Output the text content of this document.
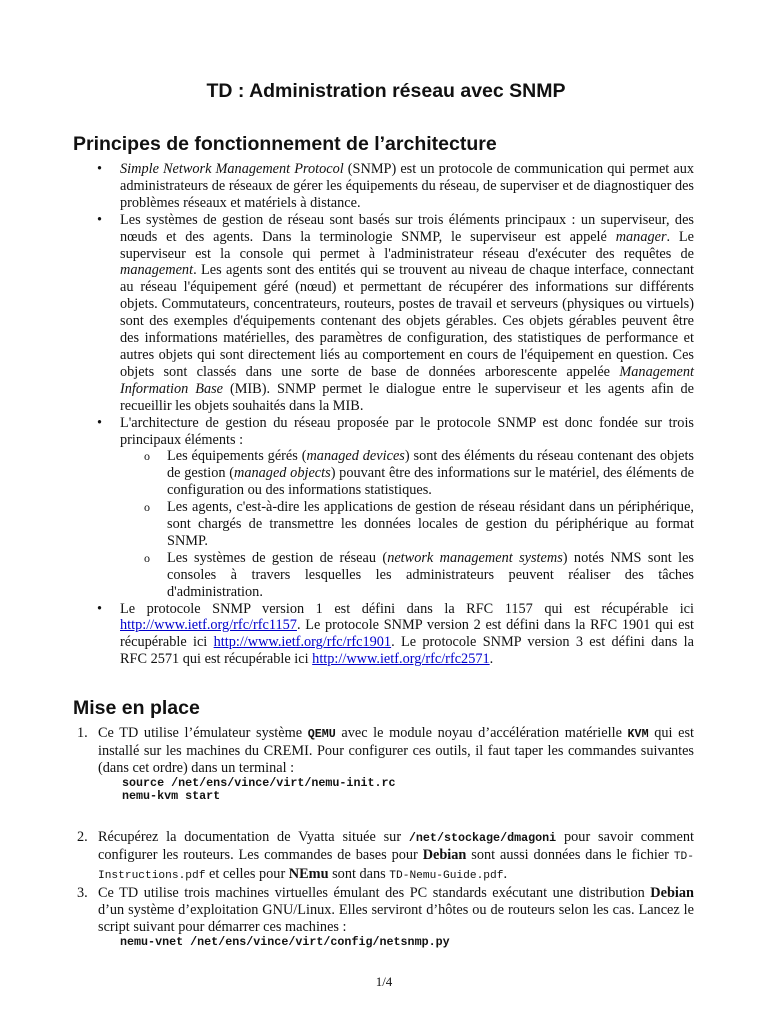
TD : Administration réseau avec SNMP
Principes de fonctionnement de l’architecture
• Simple Network Management Protocol (SNMP) est un protocole de communication qui permet aux administrateurs de réseaux de gérer les équipements du réseau, de superviser et de diagnostiquer des problèmes réseaux et matériels à distance.
• Les systèmes de gestion de réseau sont basés sur trois éléments principaux : un superviseur, des nœuds et des agents. Dans la terminologie SNMP, le superviseur est appelé manager. Le superviseur est la console qui permet à l'administrateur réseau d'exécuter des requêtes de management. Les agents sont des entités qui se trouvent au niveau de chaque interface, connectant au réseau l'équipement géré (nœud) et permettant de récupérer des informations sur différents objets. Commutateurs, concentrateurs, routeurs, postes de travail et serveurs (physiques ou virtuels) sont des exemples d'équipements contenant des objets gérables. Ces objets gérables peuvent être des informations matérielles, des paramètres de configuration, des statistiques de performance et autres objets qui sont directement liés au comportement en cours de l'équipement en question. Ces objets sont classés dans une sorte de base de données arborescente appelée Management Information Base (MIB). SNMP permet le dialogue entre le superviseur et les agents afin de recueillir les objets souhaités dans la MIB.
• L'architecture de gestion du réseau proposée par le protocole SNMP est donc fondée sur trois principaux éléments :
o Les équipements gérés (managed devices) sont des éléments du réseau contenant des objets de gestion (managed objects) pouvant être des informations sur le matériel, des éléments de configuration ou des informations statistiques.
o Les agents, c'est-à-dire les applications de gestion de réseau résidant dans un périphérique, sont chargés de transmettre les données locales de gestion du périphérique au format SNMP.
o Les systèmes de gestion de réseau (network management systems) notés NMS sont les consoles à travers lesquelles les administrateurs peuvent réaliser des tâches d'administration.
• Le protocole SNMP version 1 est défini dans la RFC 1157 qui est récupérable ici http://www.ietf.org/rfc/rfc1157. Le protocole SNMP version 2 est défini dans la RFC 1901 qui est récupérable ici http://www.ietf.org/rfc/rfc1901. Le protocole SNMP version 3 est défini dans la RFC 2571 qui est récupérable ici http://www.ietf.org/rfc/rfc2571.
Mise en place
1. Ce TD utilise l’émulateur système QEMU avec le module noyau d’accélération matérielle KVM qui est installé sur les machines du CREMI. Pour configurer ces outils, il faut taper les commandes suivantes (dans cet ordre) dans un terminal :

source /net/ens/vince/virt/nemu-init.rc
nemu-kvm start
2. Récupérez la documentation de Vyatta située sur /net/stockage/dmagoni pour savoir comment configurer les routeurs. Les commandes de bases pour Debian sont aussi données dans le fichier TD-Instructions.pdf et celles pour NEmu sont dans TD-Nemu-Guide.pdf.

3. Ce TD utilise trois machines virtuelles émulant des PC standards exécutant une distribution Debian d’un système d’exploitation GNU/Linux. Elles serviront d’hôtes ou de routeurs selon les cas. Lancez le script suivant pour démarrer ces machines :

nemu-vnet /net/ens/vince/virt/config/netsnmp.py
1/4
